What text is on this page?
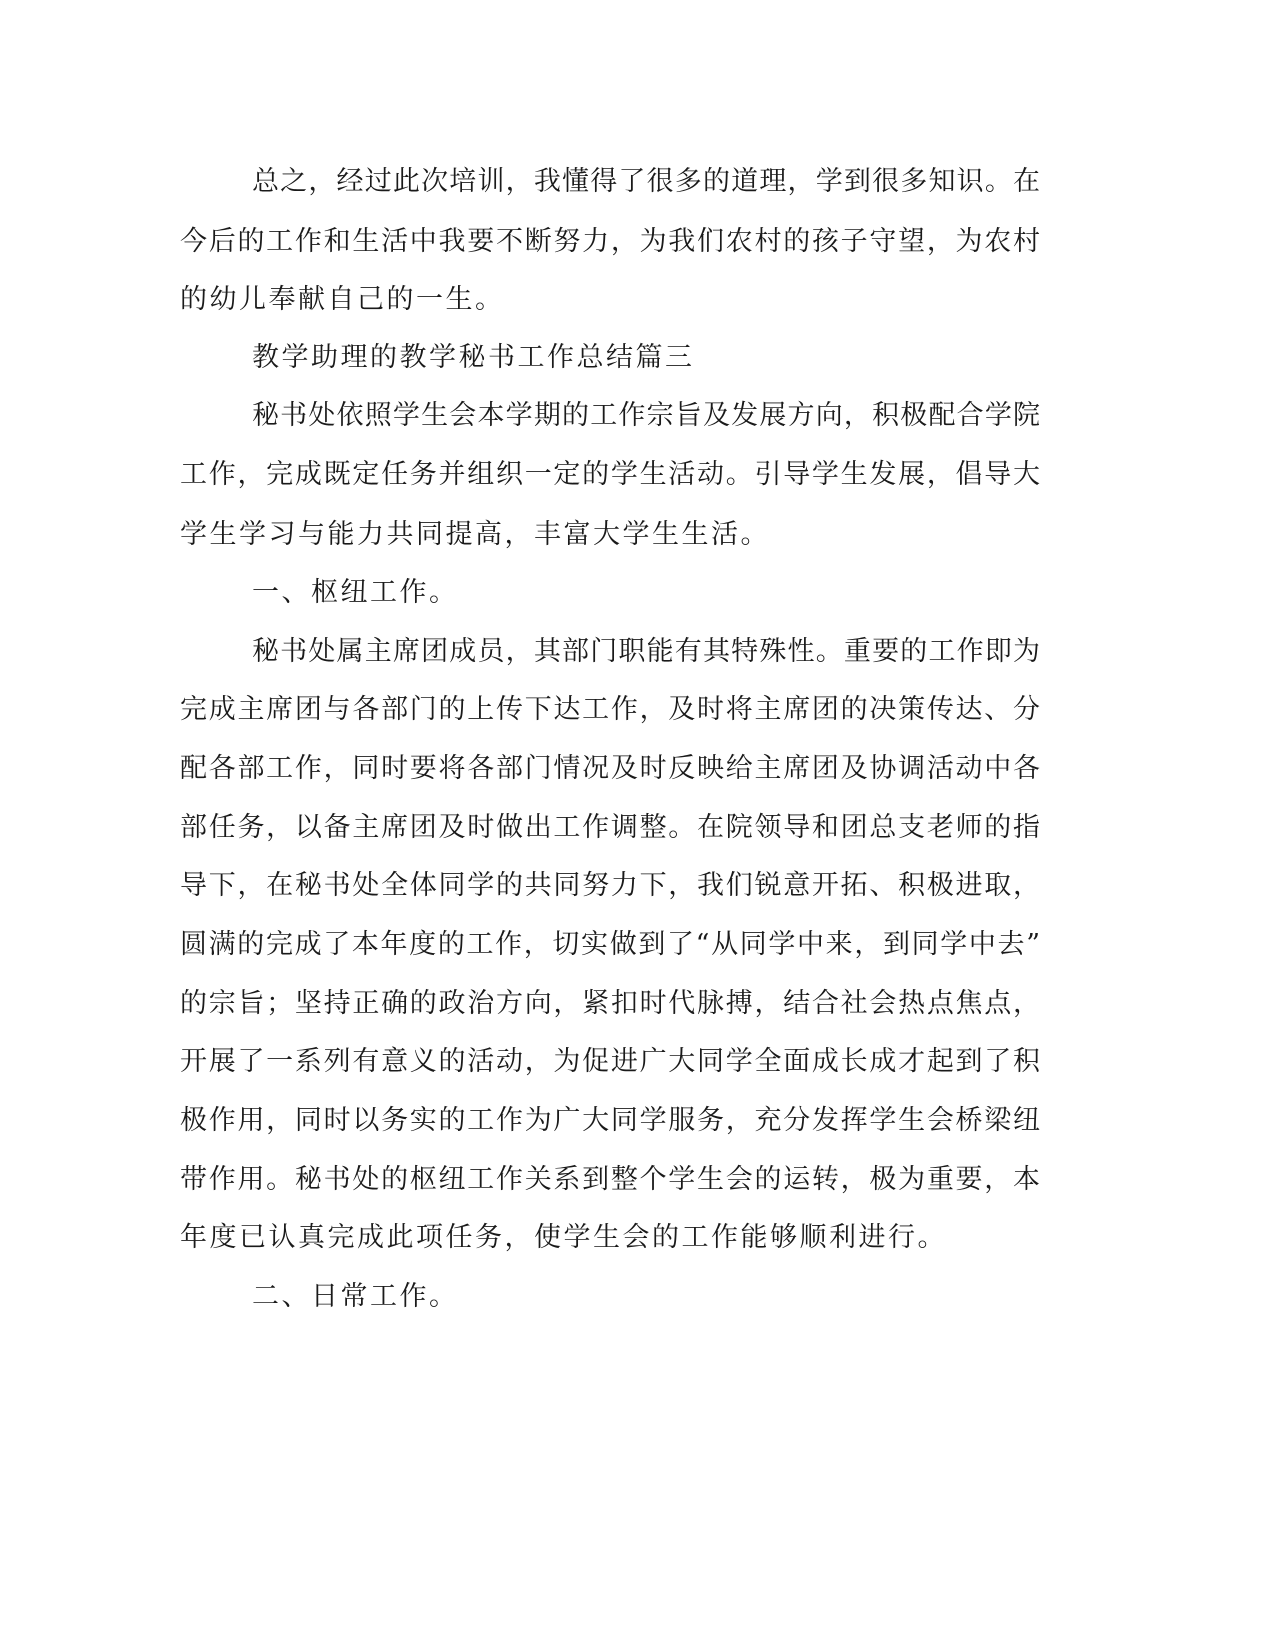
总之，经过此次培训，我懂得了很多的道理，学到很多知识。在
今后的工作和生活中我要不断努力，为我们农村的孩子守望，为农村
的幼儿奉献自己的一生。
教学助理的教学秘书工作总结篇三
秘书处依照学生会本学期的工作宗旨及发展方向，积极配合学院
工作，完成既定任务并组织一定的学生活动。引导学生发展，倡导大
学生学习与能力共同提高，丰富大学生生活。
一、枢纽工作。
秘书处属主席团成员，其部门职能有其特殊性。重要的工作即为
完成主席团与各部门的上传下达工作，及时将主席团的决策传达、分
配各部工作，同时要将各部门情况及时反映给主席团及协调活动中各
部任务，以备主席团及时做出工作调整。在院领导和团总支老师的指
导下，在秘书处全体同学的共同努力下，我们锐意开拓、积极进取，
圆满的完成了本年度的工作，切实做到了“从同学中来，到同学中去”
的宗旨；坚持正确的政治方向，紧扣时代脉搏，结合社会热点焦点，
开展了一系列有意义的活动，为促进广大同学全面成长成才起到了积
极作用，同时以务实的工作为广大同学服务，充分发挥学生会桥梁纽
带作用。秘书处的枢纽工作关系到整个学生会的运转，极为重要，本
年度已认真完成此项任务，使学生会的工作能够顺利进行。
二、日常工作。
